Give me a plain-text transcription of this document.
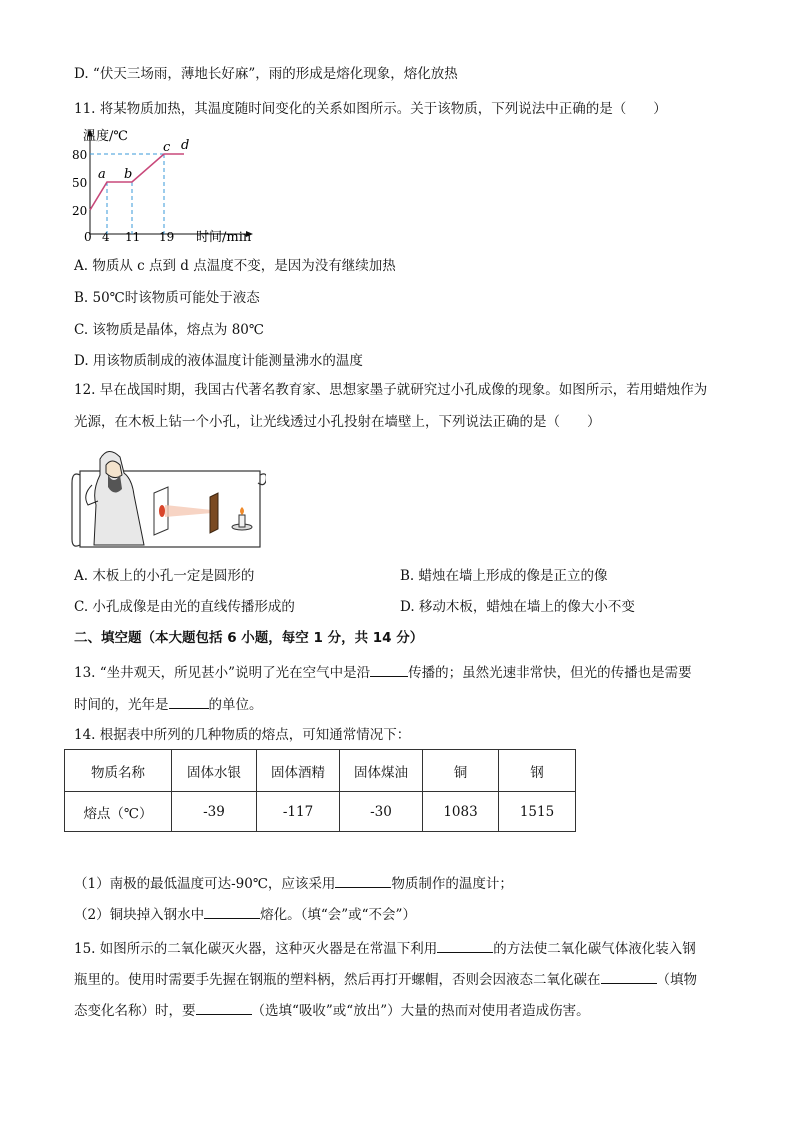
D. “伏天三场雨，薄地长好麻”，雨的形成是熔化现象，熔化放热
11. 将某物质加热，其温度随时间变化的关系如图所示。关于该物质，下列说法中正确的是（　　）
温度/℃
时间/min
80
50
20
0 4 11 19
a b
c d
A. 物质从 c 点到 d 点温度不变，是因为没有继续加热
B. 50℃时该物质可能处于液态
C. 该物质是晶体，熔点为 80℃
D. 用该物质制成的液体温度计能测量沸水的温度
12. 早在战国时期，我国古代著名教育家、思想家墨子就研究过小孔成像的现象。如图所示，若用蜡烛作为
光源，在木板上钻一个小孔，让光线透过小孔投射在墙壁上，下列说法正确的是（　　）
A. 木板上的小孔一定是圆形的	B. 蜡烛在墙上形成的像是正立的像
C. 小孔成像是由光的直线传播形成的	D. 移动木板，蜡烛在墙上的像大小不变
二、填空题（本大题包括 6 小题，每空 1 分，共 14 分）
13. “坐井观天，所见甚小”说明了光在空气中是沿	传播的；虽然光速非常快，但光的传播也是需要
时间的，光年是	的单位。
14. 根据表中所列的几种物质的熔点，可知通常情况下：
物质名称	固体水银	固体酒精	固体煤油	铜	钢
熔点（℃）	-39	-117	-30	1083	1515
（1）南极的最低温度可达-90℃，应该采用	物质制作的温度计；
（2）铜块掉入钢水中	熔化。（填“会”或“不会”）
15. 如图所示的二氧化碳灭火器，这种灭火器是在常温下利用	的方法使二氧化碳气体液化装入钢
瓶里的。使用时需要手先握在钢瓶的塑料柄，然后再打开螺帽，否则会因液态二氧化碳在	（填物
态变化名称）时，要	（选填“吸收”或“放出”）大量的热而对使用者造成伤害。
